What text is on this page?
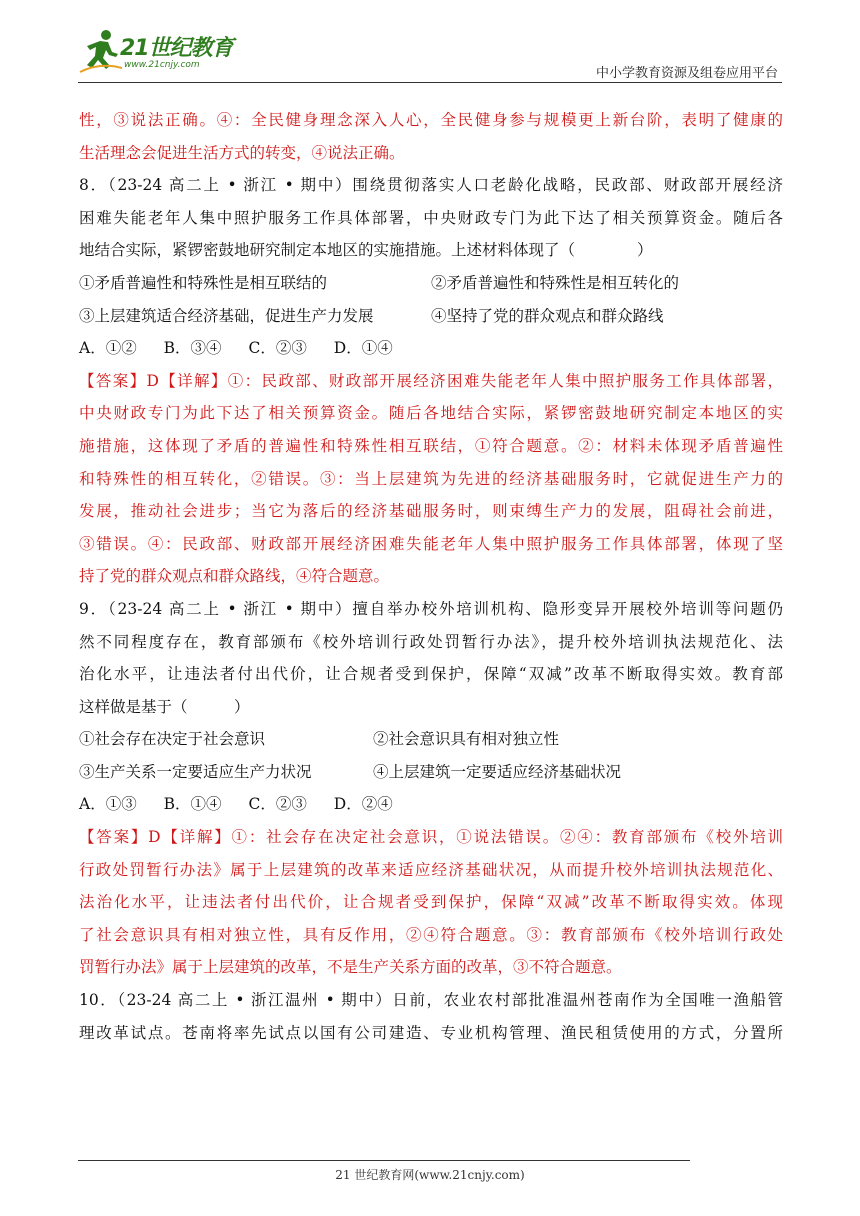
21世纪教育
www.21cnjy.com
中小学教育资源及组卷应用平台
性，③说法正确。④：全民健身理念深入人心，全民健身参与规模更上新台阶，表明了健康的
生活理念会促进生活方式的转变，④说法正确。
8．（23-24 高二上 • 浙江 • 期中）围绕贯彻落实人口老龄化战略，民政部、财政部开展经济
困难失能老年人集中照护服务工作具体部署，中央财政专门为此下达了相关预算资金。随后各
地结合实际，紧锣密鼓地研究制定本地区的实施措施。上述材料体现了（　　　　）
①矛盾普遍性和特殊性是相互联结的	②矛盾普遍性和特殊性是相互转化的
③上层建筑适合经济基础，促进生产力发展	④坚持了党的群众观点和群众路线
A．①② B．③④ C．②③ D．①④
【答案】D【详解】①：民政部、财政部开展经济困难失能老年人集中照护服务工作具体部署，
中央财政专门为此下达了相关预算资金。随后各地结合实际，紧锣密鼓地研究制定本地区的实
施措施，这体现了矛盾的普遍性和特殊性相互联结，①符合题意。②：材料未体现矛盾普遍性
和特殊性的相互转化，②错误。③：当上层建筑为先进的经济基础服务时，它就促进生产力的
发展，推动社会进步；当它为落后的经济基础服务时，则束缚生产力的发展，阻碍社会前进，
③错误。④：民政部、财政部开展经济困难失能老年人集中照护服务工作具体部署，体现了坚
持了党的群众观点和群众路线，④符合题意。
9．（23-24 高二上 • 浙江 • 期中）擅自举办校外培训机构、隐形变异开展校外培训等问题仍
然不同程度存在，教育部颁布《校外培训行政处罚暂行办法》，提升校外培训执法规范化、法
治化水平，让违法者付出代价，让合规者受到保护，保障“双减”改革不断取得实效。教育部
这样做是基于（　　　）
①社会存在决定于社会意识	②社会意识具有相对独立性
③生产关系一定要适应生产力状况	④上层建筑一定要适应经济基础状况
A．①③ B．①④ C．②③ D．②④
【答案】D【详解】①：社会存在决定社会意识，①说法错误。②④：教育部颁布《校外培训
行政处罚暂行办法》属于上层建筑的改革来适应经济基础状况，从而提升校外培训执法规范化、
法治化水平，让违法者付出代价，让合规者受到保护，保障“双减”改革不断取得实效。体现
了社会意识具有相对独立性，具有反作用，②④符合题意。③：教育部颁布《校外培训行政处
罚暂行办法》属于上层建筑的改革，不是生产关系方面的改革，③不符合题意。
10．（23-24 高二上 • 浙江温州 • 期中）日前，农业农村部批准温州苍南作为全国唯一渔船管
理改革试点。苍南将率先试点以国有公司建造、专业机构管理、渔民租赁使用的方式，分置所
21 世纪教育网(www.21cnjy.com)
